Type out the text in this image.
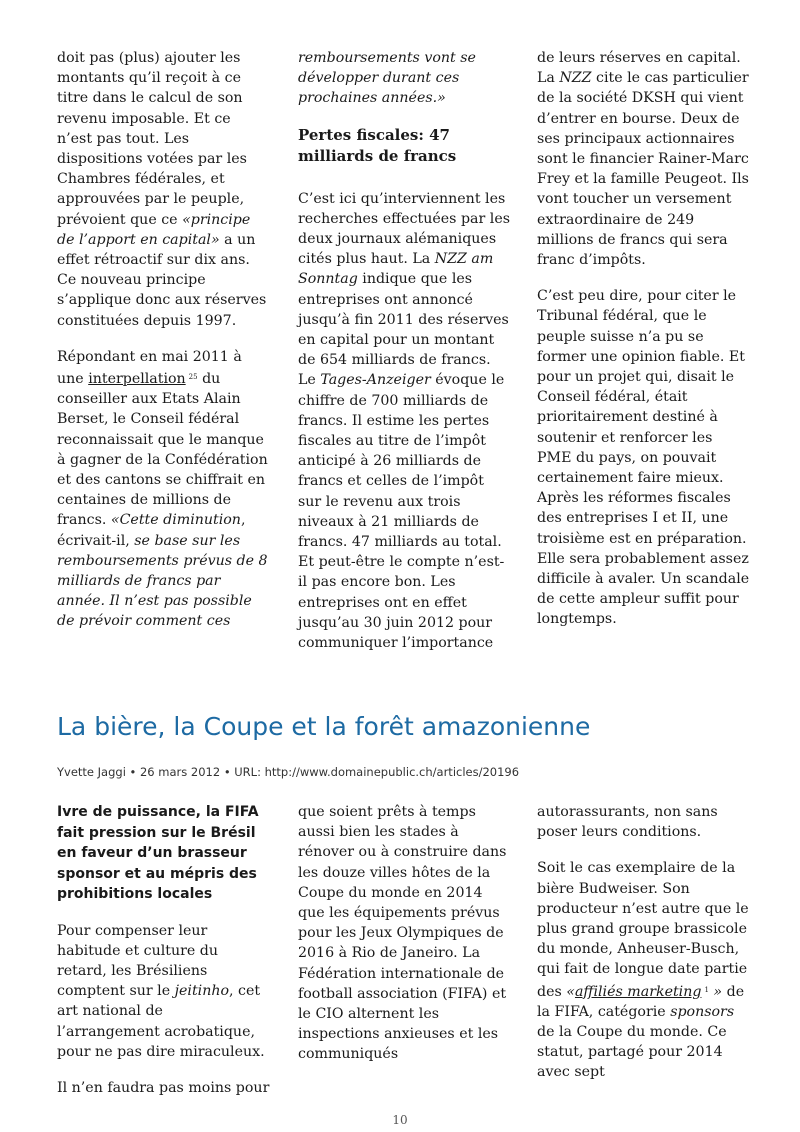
doit pas (plus) ajouter les montants qu’il reçoit à ce titre dans le calcul de son revenu imposable. Et ce n’est pas tout. Les dispositions votées par les Chambres fédérales, et approuvées par le peuple, prévoient que ce «principe de l’apport en capital» a un effet rétroactif sur dix ans. Ce nouveau principe s’applique donc aux réserves constituées depuis 1997.

Répondant en mai 2011 à une interpellation $^{25}$ du conseiller aux Etats Alain Berset, le Conseil fédéral reconnaissait que le manque à gagner de la Confédération et des cantons se chiffrait en centaines de millions de francs. «Cette diminution, écrivait-il, se base sur les remboursements prévus de 8 milliards de francs par année. Il n’est pas possible de prévoir comment ces

remboursements vont se développer durant ces prochaines années.»

Pertes fiscales: 47 milliards de francs

C’est ici qu’interviennent les recherches effectuées par les deux journaux alémaniques cités plus haut. La NZZ am Sonntag indique que les entreprises ont annoncé jusqu’à fin 2011 des réserves en capital pour un montant de 654 milliards de francs. Le Tages-Anzeiger évoque le chiffre de 700 milliards de francs. Il estime les pertes fiscales au titre de l’impôt anticipé à 26 milliards de francs et celles de l’impôt sur le revenu aux trois niveaux à 21 milliards de francs. 47 milliards au total. Et peut-être le compte n’est-il pas encore bon. Les entreprises ont en effet jusqu’au 30 juin 2012 pour communiquer l’importance

de leurs réserves en capital. La NZZ cite le cas particulier de la société DKSH qui vient d’entrer en bourse. Deux de ses principaux actionnaires sont le financier Rainer-Marc Frey et la famille Peugeot. Ils vont toucher un versement extraordinaire de 249 millions de francs qui sera franc d’impôts.

C’est peu dire, pour citer le Tribunal fédéral, que le peuple suisse n’a pu se former une opinion fiable. Et pour un projet qui, disait le Conseil fédéral, était prioritairement destiné à soutenir et renforcer les PME du pays, on pouvait certainement faire mieux. Après les réformes fiscales des entreprises I et II, une troisième est en préparation. Elle sera probablement assez difficile à avaler. Un scandale de cette ampleur suffit pour longtemps.

La bière, la Coupe et la forêt amazonienne
Yvette Jaggi • 26 mars 2012 • URL: http://www.domainepublic.ch/articles/20196

Ivre de puissance, la FIFA fait pression sur le Brésil en faveur d’un brasseur sponsor et au mépris des prohibitions locales

Pour compenser leur habitude et culture du retard, les Brésiliens comptent sur le jeitinho, cet art national de l’arrangement acrobatique, pour ne pas dire miraculeux.

Il n’en faudra pas moins pour

que soient prêts à temps aussi bien les stades à rénover ou à construire dans les douze villes hôtes de la Coupe du monde en 2014 que les équipements prévus pour les Jeux Olympiques de 2016 à Rio de Janeiro. La Fédération internationale de football association (FIFA) et le CIO alternent les inspections anxieuses et les communiqués

autorassurants, non sans poser leurs conditions.

Soit le cas exemplaire de la bière Budweiser. Son producteur n’est autre que le plus grand groupe brassicole du monde, Anheuser-Busch, qui fait de longue date partie des «affiliés marketing $^1$ » de la FIFA, catégorie sponsors de la Coupe du monde. Ce statut, partagé pour 2014 avec sept

10
